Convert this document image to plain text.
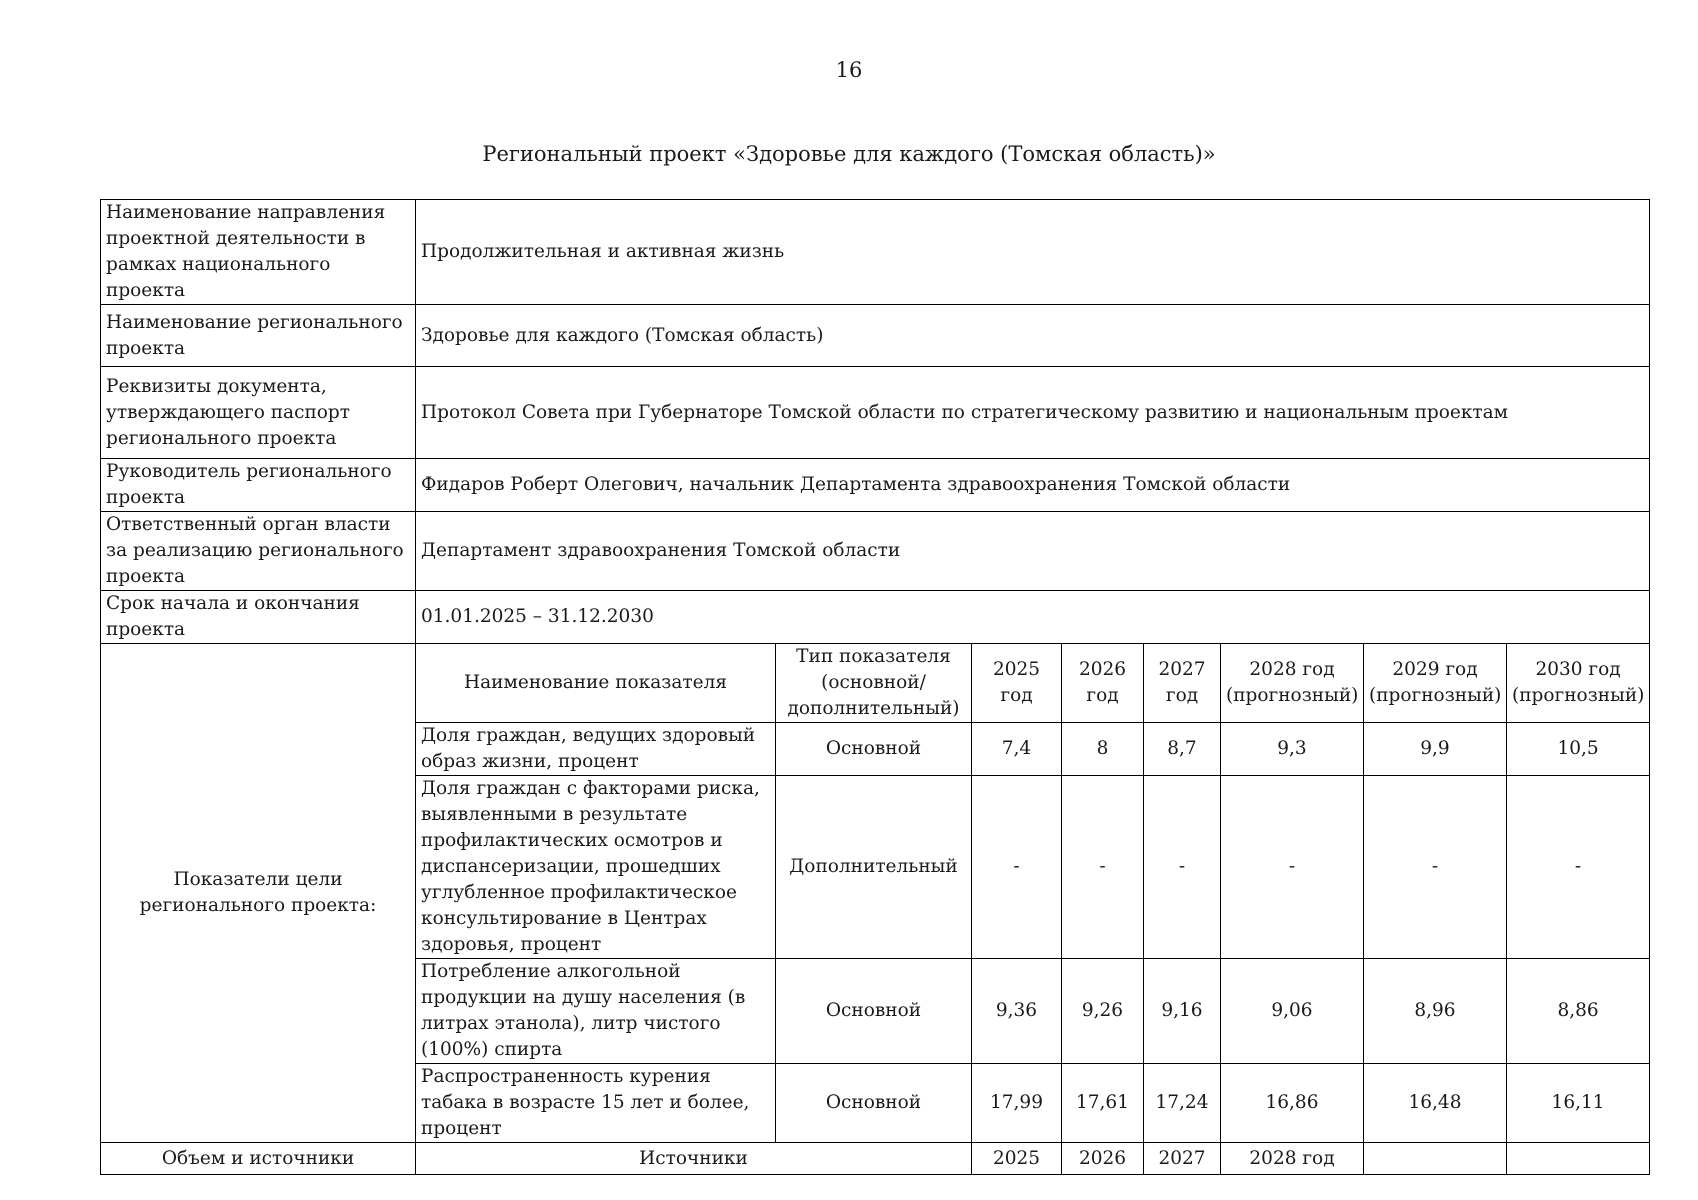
16
Региональный проект «Здоровье для каждого (Томская область)»
Наименование направления проектной деятельности в рамках национального проекта	Продолжительная и активная жизнь							
Наименование регионального проекта	Здоровье для каждого (Томская область)							
Реквизиты документа, утверждающего паспорт регионального проекта	Протокол Совета при Губернаторе Томской области по стратегическому развитию и национальным проектам							
Руководитель регионального проекта	Фидаров Роберт Олегович, начальник Департамента здравоохранения Томской области							
Ответственный орган власти за реализацию регионального проекта	Департамент здравоохранения Томской области							
Срок начала и окончания проекта	01.01.2025 – 31.12.2030							
Показатели цели регионального проекта:	Наименование показателя	Тип показателя (основной/ дополнительный)	2025 год	2026 год	2027 год	2028 год (прогнозный)	2029 год (прогнозный)	2030 год (прогнозный)
	Доля граждан, ведущих здоровый образ жизни, процент	Основной	7,4	8	8,7	9,3	9,9	10,5
	Доля граждан с факторами риска, выявленными в результате профилактических осмотров и диспансеризации, прошедших углубленное профилактическое консультирование в Центрах здоровья, процент	Дополнительный	-	-	-	-	-	-
	Потребление алкогольной продукции на душу населения (в литрах этанола), литр чистого (100%) спирта	Основной	9,36	9,26	9,16	9,06	8,96	8,86
	Распространенность курения табака в возрасте 15 лет и более, процент	Основной	17,99	17,61	17,24	16,86	16,48	16,11
Объем и источники	Источники		2025	2026	2027	2028 год		
